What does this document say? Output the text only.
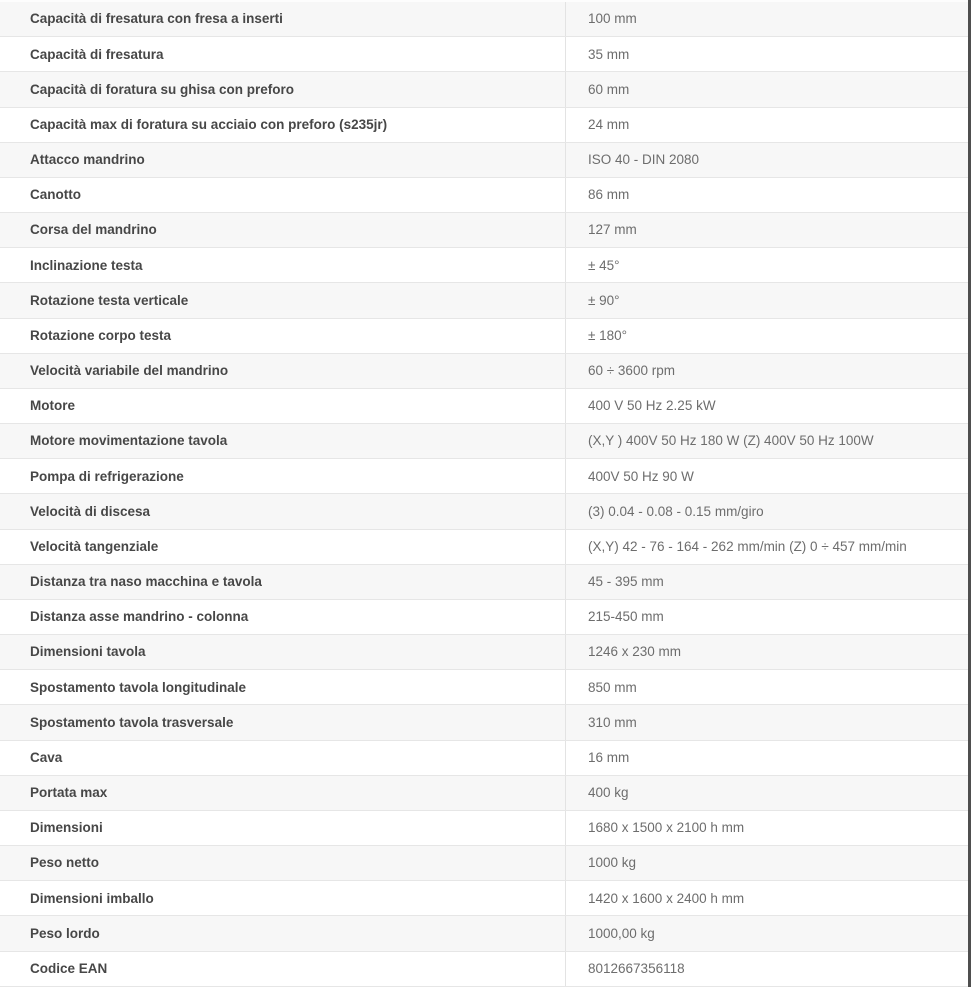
Capacità di fresatura con fresa a inserti	100 mm
Capacità di fresatura	35 mm
Capacità di foratura su ghisa con preforo	60 mm
Capacità max di foratura su acciaio con preforo (s235jr)	24 mm
Attacco mandrino	ISO 40 - DIN 2080
Canotto	86 mm
Corsa del mandrino	127 mm
Inclinazione testa	± 45°
Rotazione testa verticale	± 90°
Rotazione corpo testa	± 180°
Velocità variabile del mandrino	60 ÷ 3600 rpm
Motore	400 V 50 Hz 2.25 kW
Motore movimentazione tavola	(X,Y ) 400V 50 Hz 180 W (Z) 400V 50 Hz 100W
Pompa di refrigerazione	400V 50 Hz 90 W
Velocità di discesa	(3) 0.04 - 0.08 - 0.15 mm/giro
Velocità tangenziale	(X,Y) 42 - 76 - 164 - 262 mm/min (Z) 0 ÷ 457 mm/min
Distanza tra naso macchina e tavola	45 - 395 mm
Distanza asse mandrino - colonna	215-450 mm
Dimensioni tavola	1246 x 230 mm
Spostamento tavola longitudinale	850 mm
Spostamento tavola trasversale	310 mm
Cava	16 mm
Portata max	400 kg
Dimensioni	1680 x 1500 x 2100 h mm
Peso netto	1000 kg
Dimensioni imballo	1420 x 1600 x 2400 h mm
Peso lordo	1000,00 kg
Codice EAN	8012667356118
